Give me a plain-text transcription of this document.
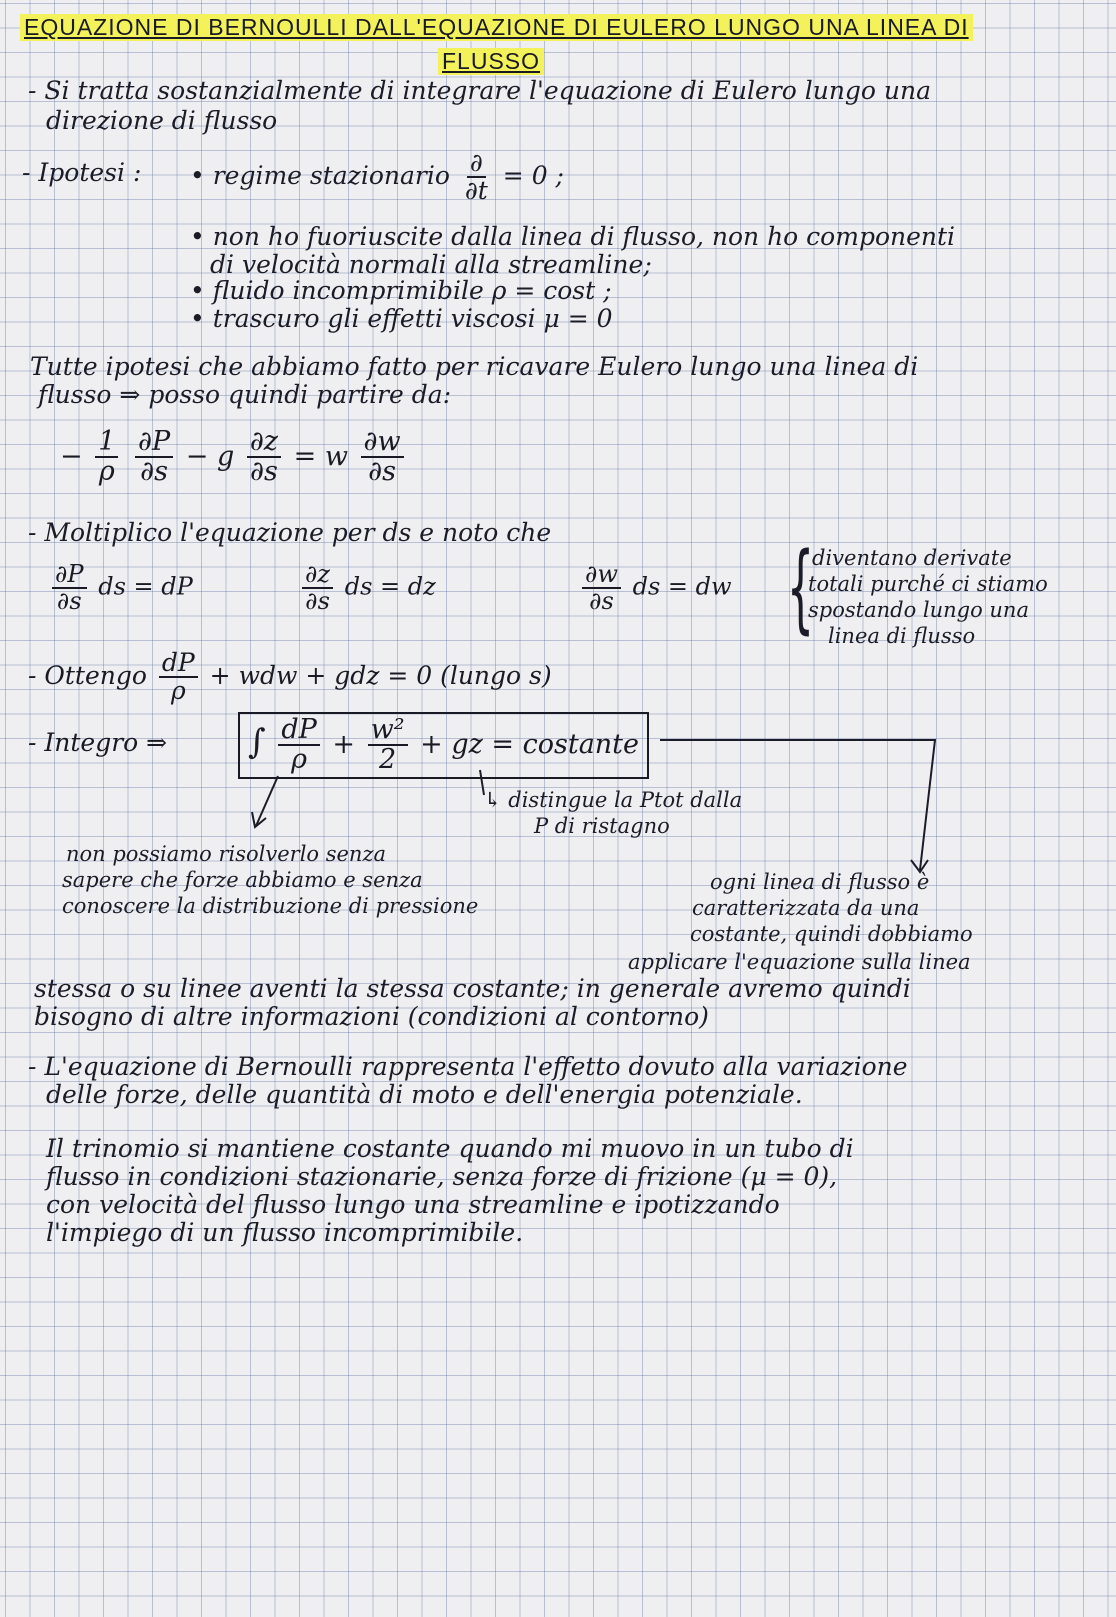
EQUAZIONE DI BERNOULLI DALL'EQUAZIONE DI EULERO LUNGO UNA LINEA DI
FLUSSO
- Si tratta sostanzialmente di integrare l'equazione di Eulero lungo una
direzione di flusso
- Ipotesi :
•	regime stazionario $\frac{\partial}{\partial t} = 0$ ;
• non ho fuoriuscite dalla linea di flusso, non ho componenti
di velocità normali alla streamline;
• fluido incomprimibile ρ = cost ;
• trascuro gli effetti viscosi μ = 0
Tutte ipotesi che abbiamo fatto per ricavare Eulero lungo una linea di
flusso ⇒ posso quindi partire da:
− $\frac{1}{\rho}$
$\frac{\partial P}{\partial s} - g \frac{\partial z}{\partial s} = w \frac{\partial w}{\partial s}$
- Moltiplico l'equazione per ds e noto che
$\frac{\partial P}{\partial s}$ ds = dP	$\frac{\partial z}{\partial s}$ ds = dz	$\frac{\partial w}{\partial s}$ ds = dw {
diventano derivate
totali purché ci stiamo
spostando lungo una
linea di flusso
- Ottengo $\frac{dP}{\rho}$ + wdw + gdz = 0 (lungo s)
- Integro ⇒ ∫ $\frac{dP}{\rho} + \frac{\text{w²}}{2}$ + gz = costante
↳ distingue la Ptot dalla
P di ristagno
non possiamo risolverlo senza
sapere che forze abbiamo e senza
conoscere la distribuzione di pressione
ogni linea di flusso è
caratterizzata da una
costante, quindi dobbiamo
applicare l'equazione sulla linea
stessa o su linee aventi la stessa costante; in generale avremo quindi
bisogno di altre informazioni (condizioni al contorno)
- L'equazione di Bernoulli rappresenta l'effetto dovuto alla variazione
delle forze, delle quantità di moto e dell'energia potenziale.
Il trinomio si mantiene costante quando mi muovo in un tubo di
flusso in condizioni stazionarie, senza forze di frizione (μ = 0),
con velocità del flusso lungo una streamline e ipotizzando
l'impiego di un flusso incomprimibile.
